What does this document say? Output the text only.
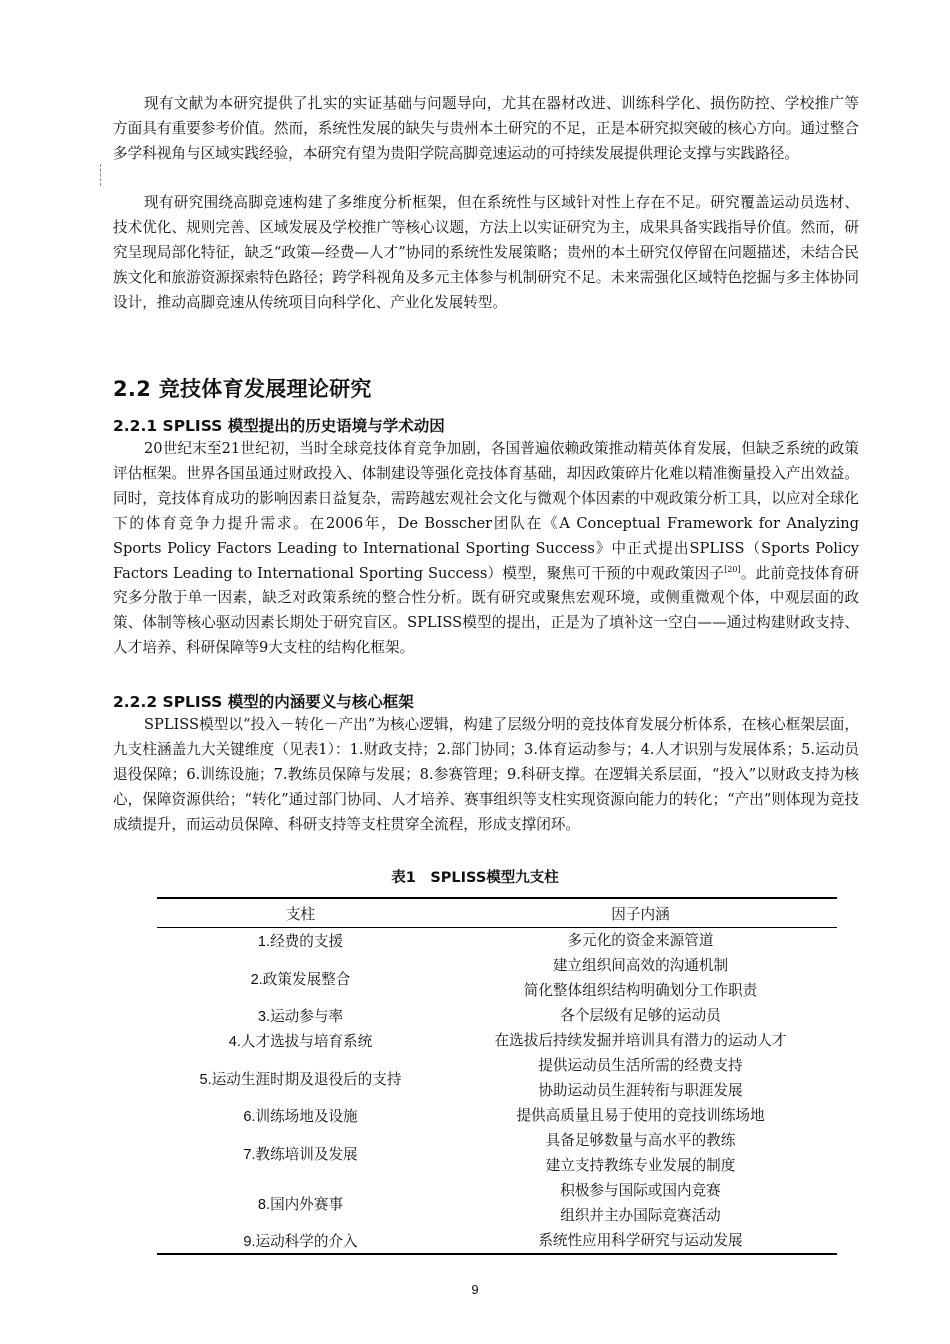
现有文献为本研究提供了扎实的实证基础与问题导向，尤其在器材改进、训练科学化、损伤防控、学校推广等方面具有重要参考价值。然而，系统性发展的缺失与贵州本土研究的不足，正是本研究拟突破的核心方向。通过整合多学科视角与区域实践经验，本研究有望为贵阳学院高脚竞速运动的可持续发展提供理论支撑与实践路径。

现有研究围绕高脚竞速构建了多维度分析框架，但在系统性与区域针对性上存在不足。研究覆盖运动员选材、技术优化、规则完善、区域发展及学校推广等核心议题，方法上以实证研究为主，成果具备实践指导价值。然而，研究呈现局部化特征，缺乏“政策—经费—人才”协同的系统性发展策略；贵州的本土研究仅停留在问题描述，未结合民族文化和旅游资源探索特色路径；跨学科视角及多元主体参与机制研究不足。未来需强化区域特色挖掘与多主体协同设计，推动高脚竞速从传统项目向科学化、产业化发展转型。

2.2 竞技体育发展理论研究
2.2.1 SPLISS 模型提出的历史语境与学术动因

20世纪末至21世纪初，当时全球竞技体育竞争加剧，各国普遍依赖政策推动精英体育发展，但缺乏系统的政策评估框架。世界各国虽通过财政投入、体制建设等强化竞技体育基础，却因政策碎片化难以精准衡量投入产出效益。同时，竞技体育成功的影响因素日益复杂，需跨越宏观社会文化与微观个体因素的中观政策分析工具，以应对全球化下的体育竞争力提升需求。在2006年，De Bosscher团队在《A Conceptual Framework for Analyzing Sports Policy Factors Leading to International Sporting Success》中正式提出SPLISS（Sports Policy Factors Leading to International Sporting Success）模型，聚焦可干预的中观政策因子[20]。此前竞技体育研究多分散于单一因素，缺乏对政策系统的整合性分析。既有研究或聚焦宏观环境，或侧重微观个体，中观层面的政策、体制等核心驱动因素长期处于研究盲区。SPLISS模型的提出，正是为了填补这一空白——通过构建财政支持、人才培养、科研保障等9大支柱的结构化框架。

2.2.2 SPLISS 模型的内涵要义与核心框架

SPLISS模型以“投入－转化－产出”为核心逻辑，构建了层级分明的竞技体育发展分析体系，在核心框架层面，九支柱涵盖九大关键维度（见表1）：1.财政支持；2.部门协同；3.体育运动参与；4.人才识别与发展体系；5.运动员退役保障；6.训练设施；7.教练员保障与发展；8.参赛管理；9.科研支撑。在逻辑关系层面，“投入”以财政支持为核心，保障资源供给；“转化”通过部门协同、人才培养、赛事组织等支柱实现资源向能力的转化；“产出”则体现为竞技成绩提升，而运动员保障、科研支持等支柱贯穿全流程，形成支撑闭环。

表1　SPLISS模型九支柱
支柱	因子内涵
1.经费的支援	多元化的资金来源管道

2.政策发展整合	建立组织间高效的沟通机制
简化整体组织结构明确划分工作职责

3.运动参与率	各个层级有足够的运动员

4.人才选拔与培育系统	在选拔后持续发掘并培训具有潜力的运动人才

5.运动生涯时期及退役后的支持	提供运动员生活所需的经费支持
协助运动员生涯转衔与职涯发展

6.训练场地及设施	提供高质量且易于使用的竞技训练场地

7.教练培训及发展	具备足够数量与高水平的教练
建立支持教练专业发展的制度

8.国内外赛事	积极参与国际或国内竞赛
组织并主办国际竞赛活动

9.运动科学的介入	系统性应用科学研究与运动发展
9
